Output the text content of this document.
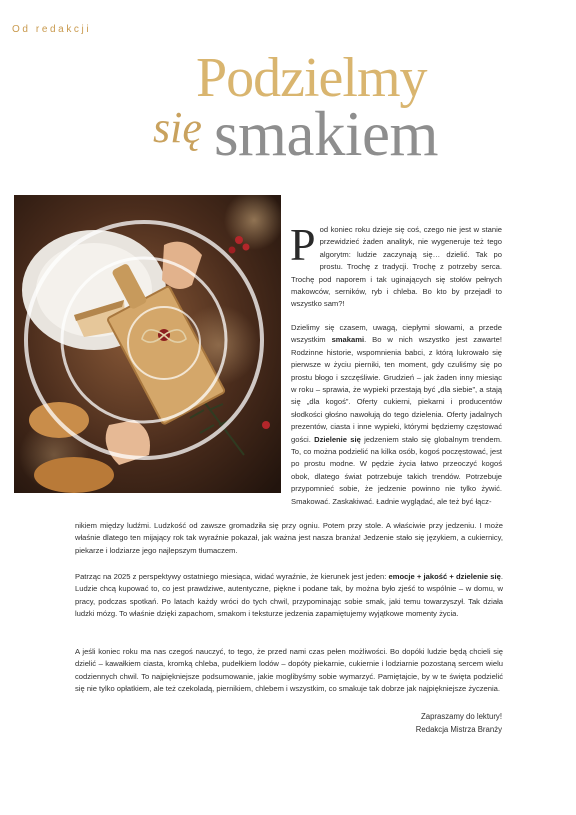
Od redakcji
Podzielmy
się smakiem
Pod koniec roku dzieje się coś, czego nie jest w stanie przewidzieć żaden analityk, nie wygeneruje też tego algorytm: ludzie zaczynają się… dzielić. Tak po prostu. Trochę z tradycji. Trochę z potrzeby serca. Trochę pod naporem i tak uginających się stołów pełnych makowców, serników, ryb i chleba. Bo kto by przejadł to wszystko sam?!
Dzielimy się czasem, uwagą, ciepłymi słowami, a przede wszystkim smakami. Bo w nich wszystko jest zawarte! Rodzinne historie, wspomnienia babci, z którą lukrowało się pierwsze w życiu pierniki, ten moment, gdy czuliśmy się po prostu błogo i szczęśliwie. Grudzień – jak żaden inny miesiąc w roku – sprawia, że wypieki przestają być „dla siebie”, a stają się „dla kogoś”. Oferty cukierni, piekarni i producentów słodkości głośno nawołują do tego dzielenia. Oferty jadalnych prezentów, ciasta i inne wypieki, którymi będziemy częstować gości. Dzielenie się jedzeniem stało się globalnym trendem. To, co można podzielić na kilka osób, kogoś poczęstować, jest po prostu modne. W pędzie życia łatwo przeoczyć kogoś obok, dlatego świat potrzebuje takich trendów. Potrzebuje przypomnieć sobie, że jedzenie powinno nie tylko żywić. Smakować. Zaskakiwać. Ładnie wyglądać, ale też być łącz-
nikiem między ludźmi. Ludzkość od zawsze gromadziła się przy ogniu. Potem przy stole. A właściwie przy jedzeniu. I może właśnie dlatego ten mijający rok tak wyraźnie pokazał, jak ważna jest nasza branża! Jedzenie stało się językiem, a cukiernicy, piekarze i lodziarze jego najlepszym tłumaczem.
Patrząc na 2025 z perspektywy ostatniego miesiąca, widać wyraźnie, że kierunek jest jeden: emocje + jakość + dzielenie się. Ludzie chcą kupować to, co jest prawdziwe, autentyczne, piękne i podane tak, by można było zjeść to wspólnie – w domu, w pracy, podczas spotkań. Po latach każdy wróci do tych chwil, przypominając sobie smak, jaki temu towarzyszył. Tak działa ludzki mózg. To właśnie dzięki zapachom, smakom i teksturze jedzenia zapamiętujemy wyjątkowe momenty życia.
A jeśli koniec roku ma nas czegoś nauczyć, to tego, że przed nami czas pełen możliwości. Bo dopóki ludzie będą chcieli się dzielić – kawałkiem ciasta, kromką chleba, pudełkiem lodów – dopóty piekarnie, cukiernie i lodziarnie pozostaną sercem wielu codziennych chwil. To najpiękniejsze podsumowanie, jakie moglibyśmy sobie wymarzyć. Pamiętajcie, by w te święta podzielić się nie tylko opłatkiem, ale też czekoladą, piernikiem, chlebem i wszystkim, co smakuje tak dobrze jak najpiękniejsze życzenia.
Zapraszamy do lektury!
Redakcja Mistrza Branży
